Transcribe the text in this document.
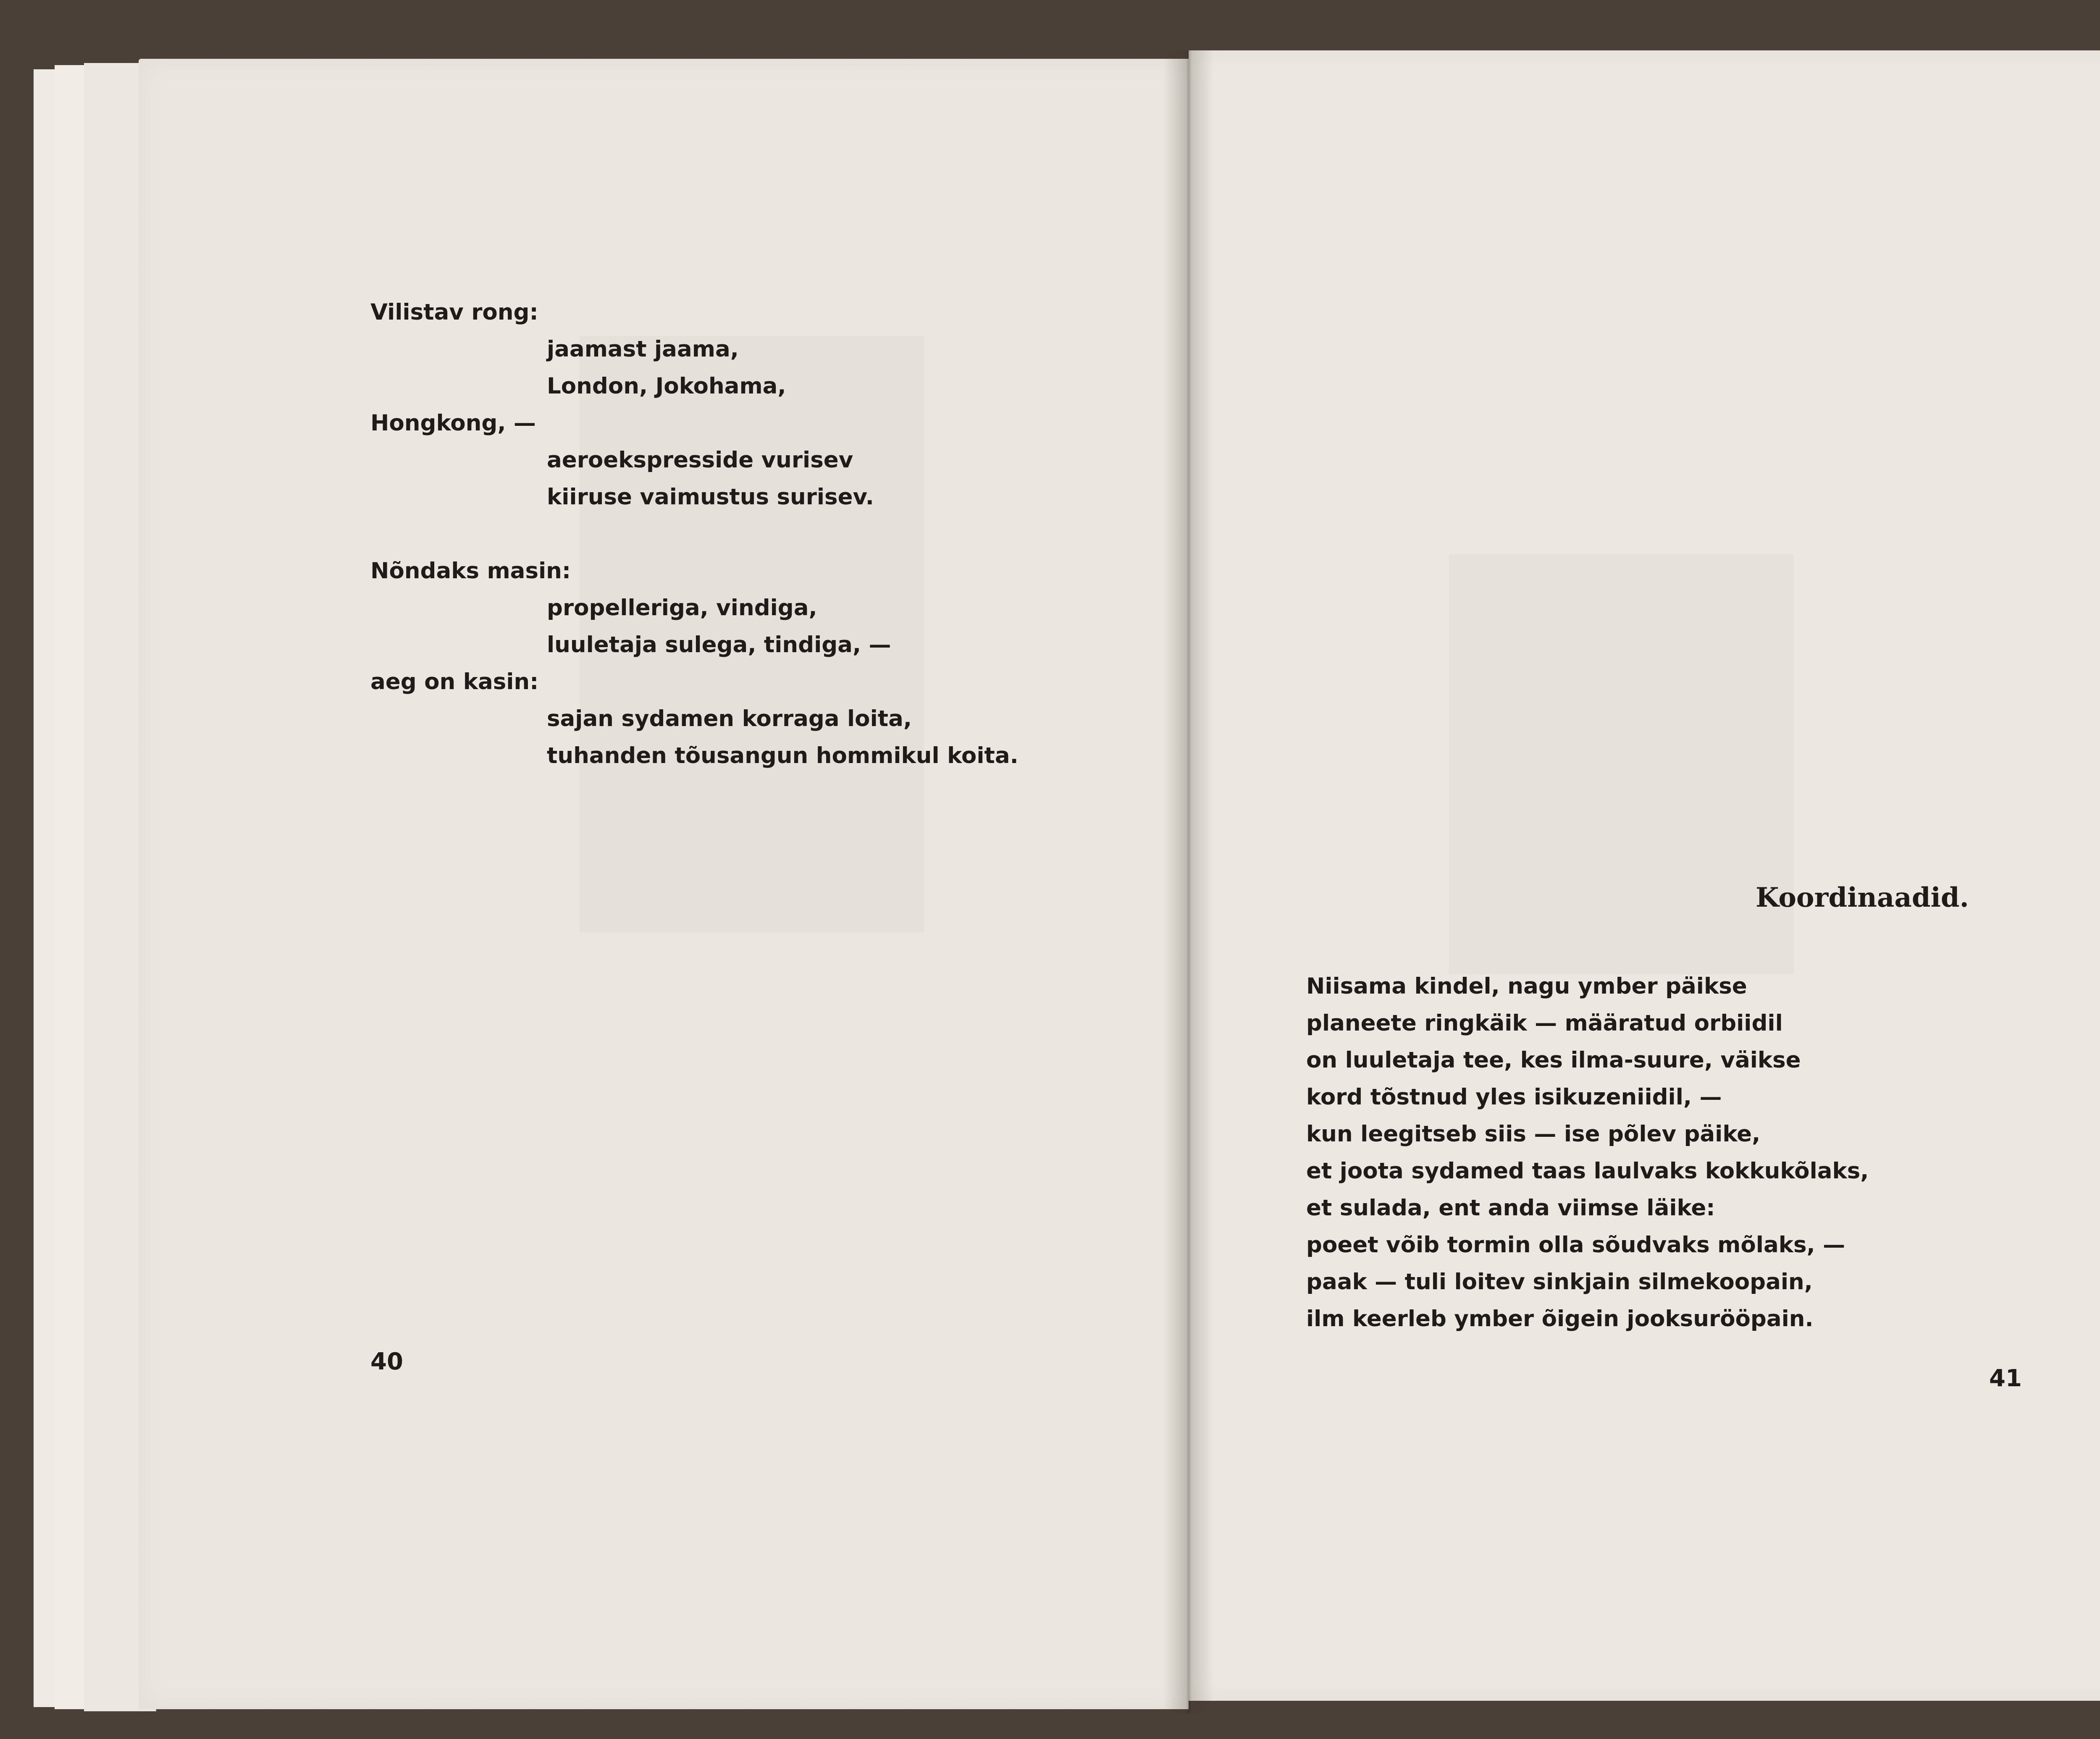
Vilistav rong:
jaamast jaama,
London, Jokohama,
Hongkong, —
aeroekspresside vurisev
kiiruse vaimustus surisev.

Nõndaks masin:
propelleriga, vindiga,
luuletaja sulega, tindiga, —
aeg on kasin:
sajan sydamen korraga loita,
tuhanden tõusangun hommikul koita.
40
Koordinaadid.
Niisama kindel, nagu ymber päikse
planeete ringkäik — määratud orbiidil
on luuletaja tee, kes ilma-suure, väikse
kord tõstnud yles isikuzeniidil, —
kun leegitseb siis — ise põlev päike,
et joota sydamed taas laulvaks kokkukõlaks,
et sulada, ent anda viimse läike:
poeet võib tormin olla sõudvaks mõlaks, —
paak — tuli loitev sinkjain silmekoopain,
ilm keerleb ymber õigein jooksurööpain.
41
